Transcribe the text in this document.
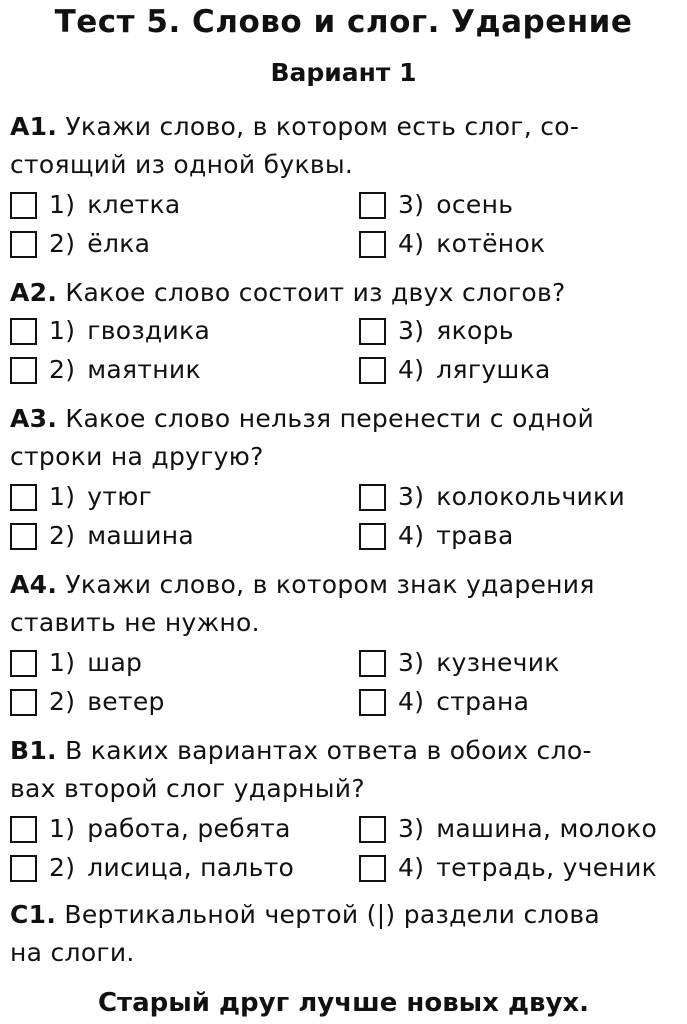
Тест 5. Слово и слог. Ударение
Вариант 1
А1. Укажи слово, в котором есть слог, со-
стоящий из одной буквы.
1) клетка
2) ёлка
3) осень
4) котёнок
А2. Какое слово состоит из двух слогов?
1) гвоздика
2) маятник
3) якорь
4) лягушка
А3. Какое слово нельзя перенести с одной
строки на другую?
1) утюг
2) машина
3) колокольчики
4) трава
А4. Укажи слово, в котором знак ударения
ставить не нужно.
1) шар
2) ветер
3) кузнечик
4) страна
В1. В каких вариантах ответа в обоих сло-
вах второй слог ударный?
1) работа, ребята
2) лисица, пальто
3) машина, молоко
4) тетрадь, ученик
С1. Вертикальной чертой (|) раздели слова
на слоги.
Старый друг лучше новых двух.
